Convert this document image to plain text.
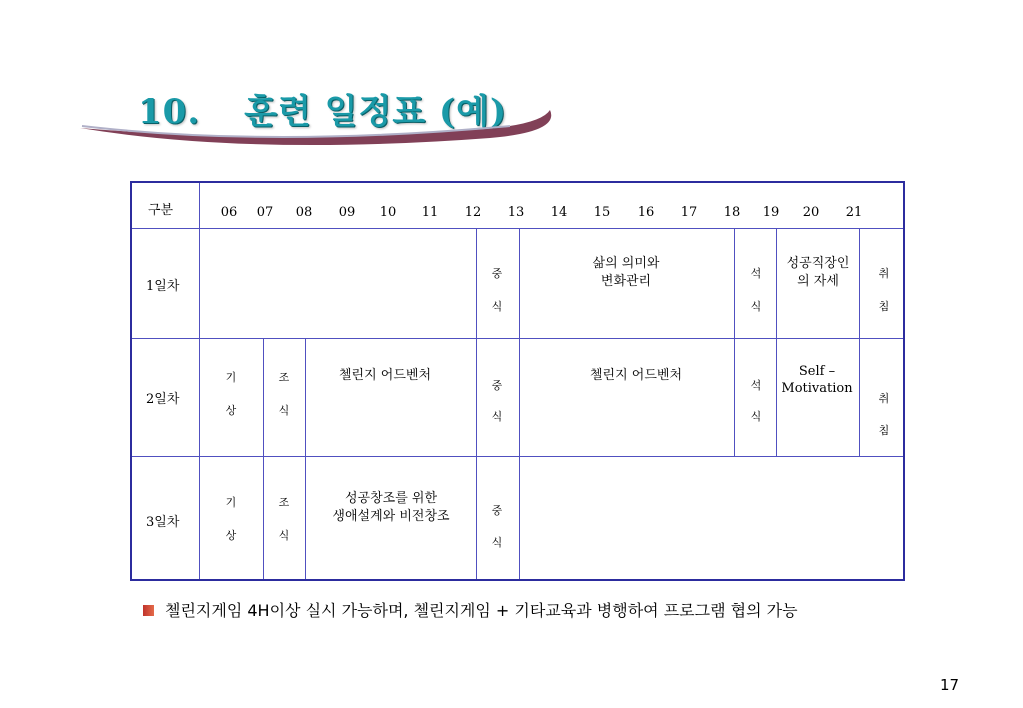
10. 훈련 일정표 (예)
구분	06 07 08 09 10 11 12 13 14 15 16 17 18 19 20 21
1일차
2일차
3일차
중
식
삶의 의미와
변화관리
석
식
성공직장인
의 자세
취
침
기
상
조
식
첼린지 어드벤처
중
식
첼린지 어드벤처
석
식
Self –
Motivation
취
침
기
상
조
식
성공창조를 위한
생애설계와 비전창조	중
식
첼린지게임 4H이상 실시 가능하며, 첼린지게임 + 기타교육과 병행하여 프로그램 협의 가능
17
